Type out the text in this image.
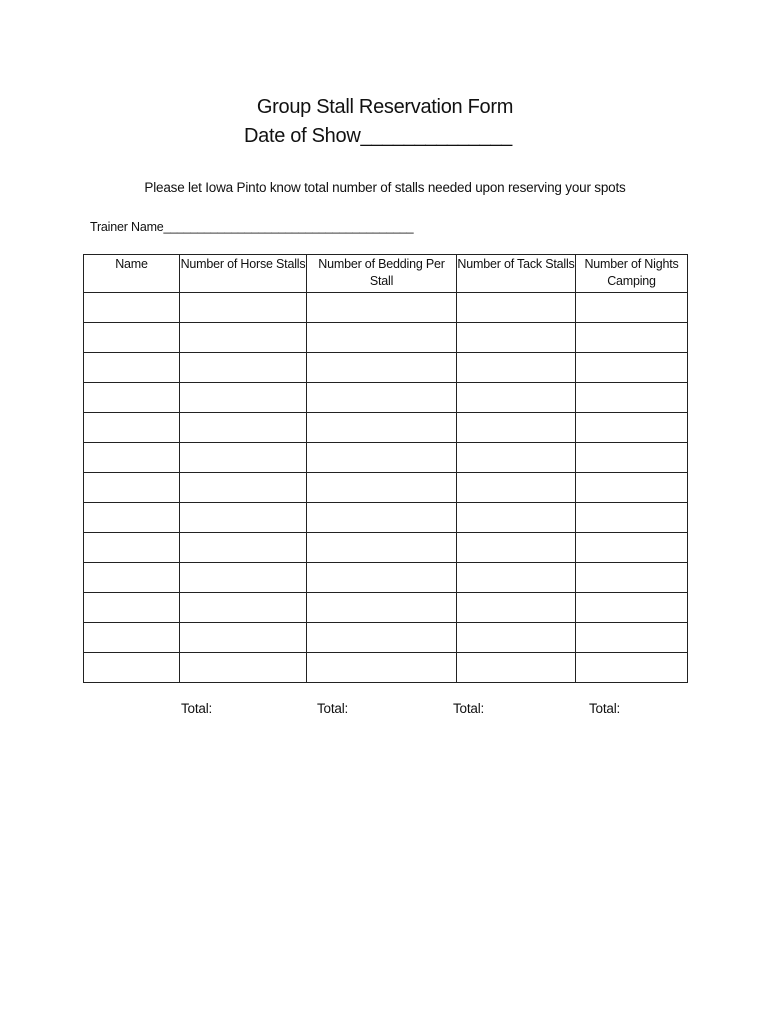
Group Stall Reservation Form
Date of Show______________
Please let Iowa Pinto know total number of stalls needed upon reserving your spots
Trainer Name_____________________________________
Name	Number of Horse Stalls	Number of Bedding Per Stall	Number of Tack Stalls	Number of Nights Camping

Total:	Total:	Total:	Total:
